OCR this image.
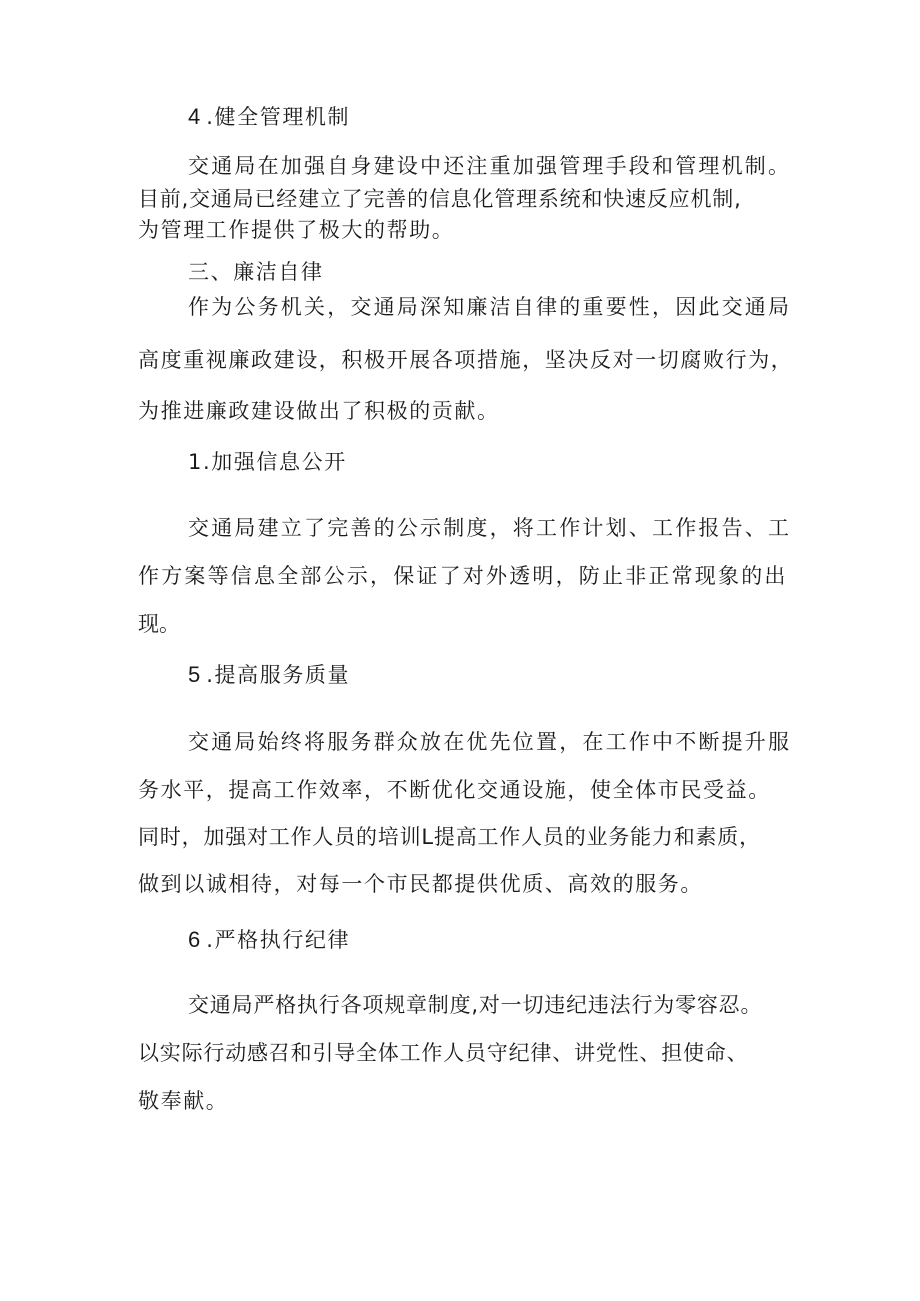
4 .健全管理机制
交通局在加强自身建设中还注重加强管理手段和管理机制。
目前,交通局已经建立了完善的信息化管理系统和快速反应机制,
为管理工作提供了极大的帮助。
三、廉洁自律
作为公务机关，交通局深知廉洁自律的重要性，因此交通局
高度重视廉政建设，积极开展各项措施，坚决反对一切腐败行为，
为推进廉政建设做出了积极的贡献。
1.加强信息公开
交通局建立了完善的公示制度，将工作计划、工作报告、工
作方案等信息全部公示，保证了对外透明，防止非正常现象的出
现。
5 .提高服务质量
交通局始终将服务群众放在优先位置，在工作中不断提升服
务水平，提高工作效率，不断优化交通设施，使全体市民受益。
同时，加强对工作人员的培训L提高工作人员的业务能力和素质，
做到以诚相待，对每一个市民都提供优质、高效的服务。
6 .严格执行纪律
交通局严格执行各项规章制度,对一切违纪违法行为零容忍。
以实际行动感召和引导全体工作人员守纪律、讲党性、担使命、
敬奉献。
